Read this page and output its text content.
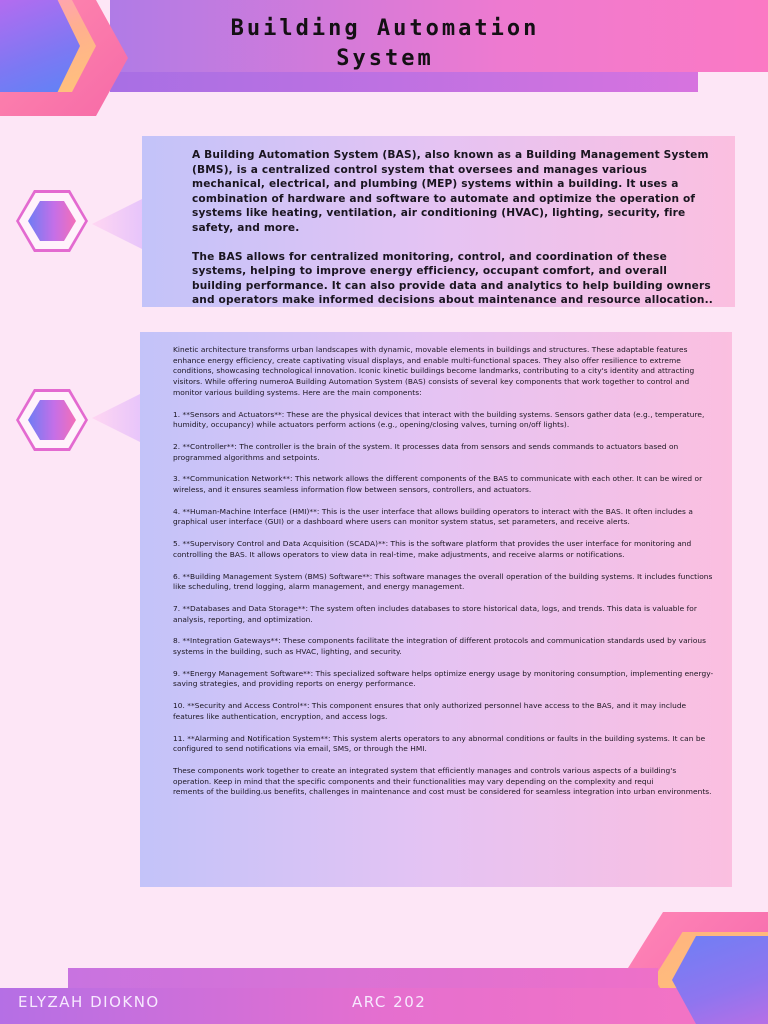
Building Automation
System

A Building Automation System (BAS), also known as a Building Management System (BMS), is a centralized control system that oversees and manages various mechanical, electrical, and plumbing (MEP) systems within a building. It uses a combination of hardware and software to automate and optimize the operation of systems like heating, ventilation, air conditioning (HVAC), lighting, security, fire safety, and more.

The BAS allows for centralized monitoring, control, and coordination of these systems, helping to improve energy efficiency, occupant comfort, and overall building performance. It can also provide data and analytics to help building owners and operators make informed decisions about maintenance and resource allocation..

Kinetic architecture transforms urban landscapes with dynamic, movable elements in buildings and structures. These adaptable features enhance energy efficiency, create captivating visual displays, and enable multi-functional spaces. They also offer resilience to extreme conditions, showcasing technological innovation. Iconic kinetic buildings become landmarks, contributing to a city's identity and attracting visitors. While offering numeroA Building Automation System (BAS) consists of several key components that work together to control and monitor various building systems. Here are the main components:

1. **Sensors and Actuators**: These are the physical devices that interact with the building systems. Sensors gather data (e.g., temperature, humidity, occupancy) while actuators perform actions (e.g., opening/closing valves, turning on/off lights).

2. **Controller**: The controller is the brain of the system. It processes data from sensors and sends commands to actuators based on programmed algorithms and setpoints.

3. **Communication Network**: This network allows the different components of the BAS to communicate with each other. It can be wired or wireless, and it ensures seamless information flow between sensors, controllers, and actuators.

4. **Human-Machine Interface (HMI)**: This is the user interface that allows building operators to interact with the BAS. It often includes a graphical user interface (GUI) or a dashboard where users can monitor system status, set parameters, and receive alerts.

5. **Supervisory Control and Data Acquisition (SCADA)**: This is the software platform that provides the user interface for monitoring and controlling the BAS. It allows operators to view data in real-time, make adjustments, and receive alarms or notifications.

6. **Building Management System (BMS) Software**: This software manages the overall operation of the building systems. It includes functions like scheduling, trend logging, alarm management, and energy management.

7. **Databases and Data Storage**: The system often includes databases to store historical data, logs, and trends. This data is valuable for analysis, reporting, and optimization.

8. **Integration Gateways**: These components facilitate the integration of different protocols and communication standards used by various systems in the building, such as HVAC, lighting, and security.

9. **Energy Management Software**: This specialized software helps optimize energy usage by monitoring consumption, implementing energy-saving strategies, and providing reports on energy performance.

10. **Security and Access Control**: This component ensures that only authorized personnel have access to the BAS, and it may include features like authentication, encryption, and access logs.

11. **Alarming and Notification System**: This system alerts operators to any abnormal conditions or faults in the building systems. It can be configured to send notifications via email, SMS, or through the HMI.

These components work together to create an integrated system that efficiently manages and controls various aspects of a building's operation. Keep in mind that the specific components and their functionalities may vary depending on the complexity and requi
rements of the building.us benefits, challenges in maintenance and cost must be considered for seamless integration into urban environments.

ELYZAH DIOKNO	ARC 202
